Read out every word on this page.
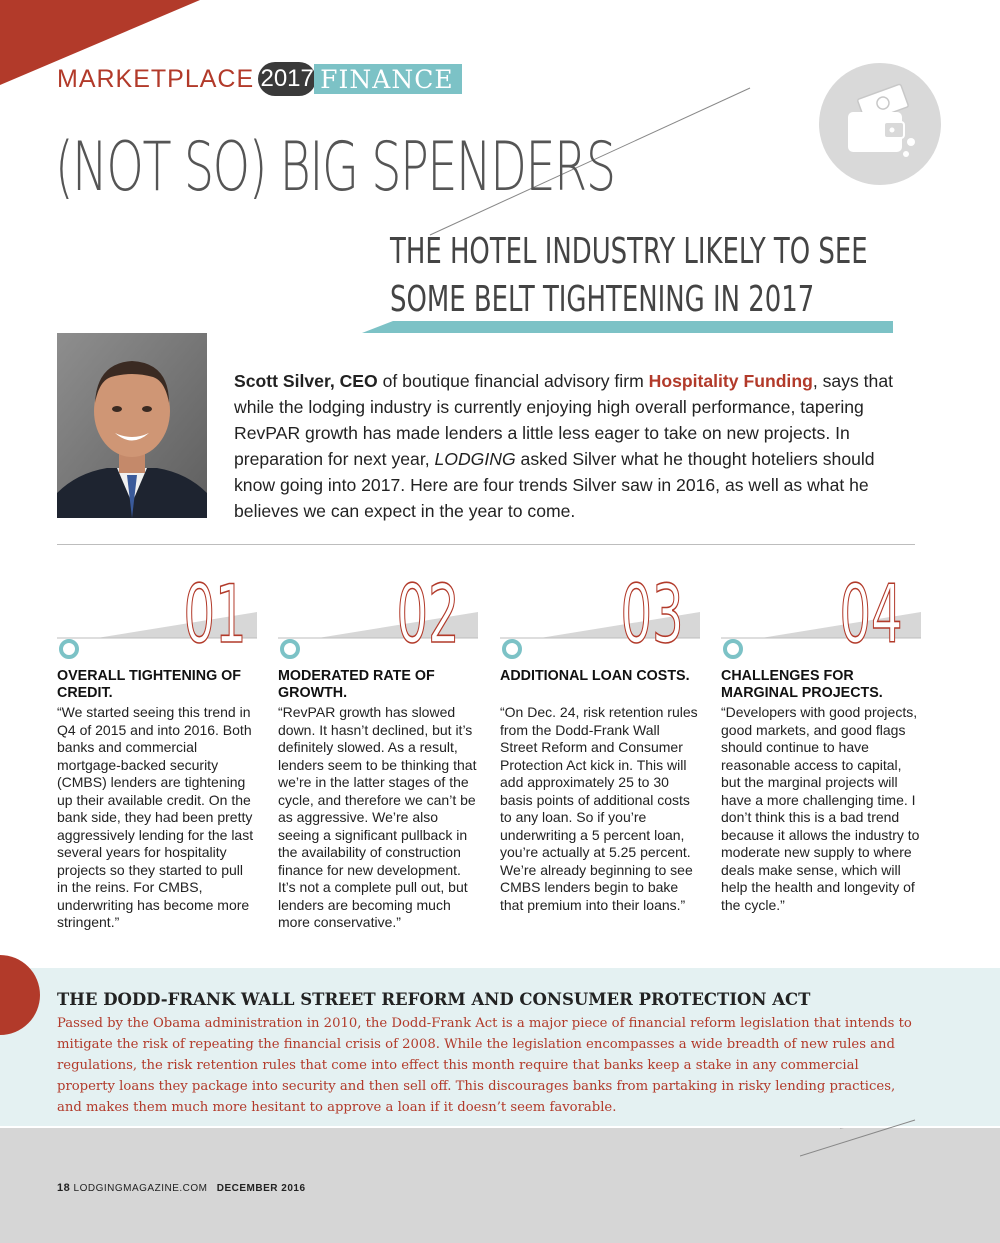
MARKETPLACE 2017 FINANCE
(NOT SO) BIG SPENDERS
THE HOTEL INDUSTRY LIKELY TO SEE
SOME BELT TIGHTENING IN 2017

Scott Silver, CEO of boutique financial advisory firm Hospitality Funding, says that while the lodging industry is currently enjoying high overall performance, tapering RevPAR growth has made lenders a little less eager to take on new projects. In preparation for next year, LODGING asked Silver what he thought hoteliers should know going into 2017. Here are four trends Silver saw in 2016, as well as what he believes we can expect in the year to come.

01
OVERALL TIGHTENING OF CREDIT.
“We started seeing this trend in Q4 of 2015 and into 2016. Both banks and commercial mortgage-backed security (CMBS) lenders are tightening up their available credit. On the bank side, they had been pretty aggressively lending for the last several years for hospitality projects so they started to pull in the reins. For CMBS, underwriting has become more stringent.”
02
MODERATED RATE OF GROWTH.
“RevPAR growth has slowed down. It hasn’t declined, but it’s definitely slowed. As a result, lenders seem to be thinking that we’re in the latter stages of the cycle, and therefore we can’t be as aggressive. We’re also seeing a significant pullback in the availability of construction finance for new development. It’s not a complete pull out, but lenders are becoming much more conservative.”
03
ADDITIONAL LOAN COSTS.
“On Dec. 24, risk retention rules from the Dodd-Frank Wall Street Reform and Consumer Protection Act kick in. This will add approximately 25 to 30 basis points of additional costs to any loan. So if you’re underwriting a 5 percent loan, you’re actually at 5.25 percent. We’re already beginning to see CMBS lenders begin to bake that premium into their loans.”
04
CHALLENGES FOR MARGINAL PROJECTS.
“Developers with good projects, good markets, and good flags should continue to have reasonable access to capital, but the marginal projects will have a more challenging time. I don’t think this is a bad trend because it allows the industry to moderate new supply to where deals make sense, which will help the health and longevity of the cycle.”
THE DODD-FRANK WALL STREET REFORM AND CONSUMER PROTECTION ACT
Passed by the Obama administration in 2010, the Dodd-Frank Act is a major piece of financial reform legislation that intends to mitigate the risk of repeating the financial crisis of 2008. While the legislation encompasses a wide breadth of new rules and regulations, the risk retention rules that come into effect this month require that banks keep a stake in any commercial property loans they package into security and then sell off. This discourages banks from partaking in risky lending practices, and makes them much more hesitant to approve a loan if it doesn’t seem favorable.
18 LODGINGMAGAZINE.COM DECEMBER 2016
